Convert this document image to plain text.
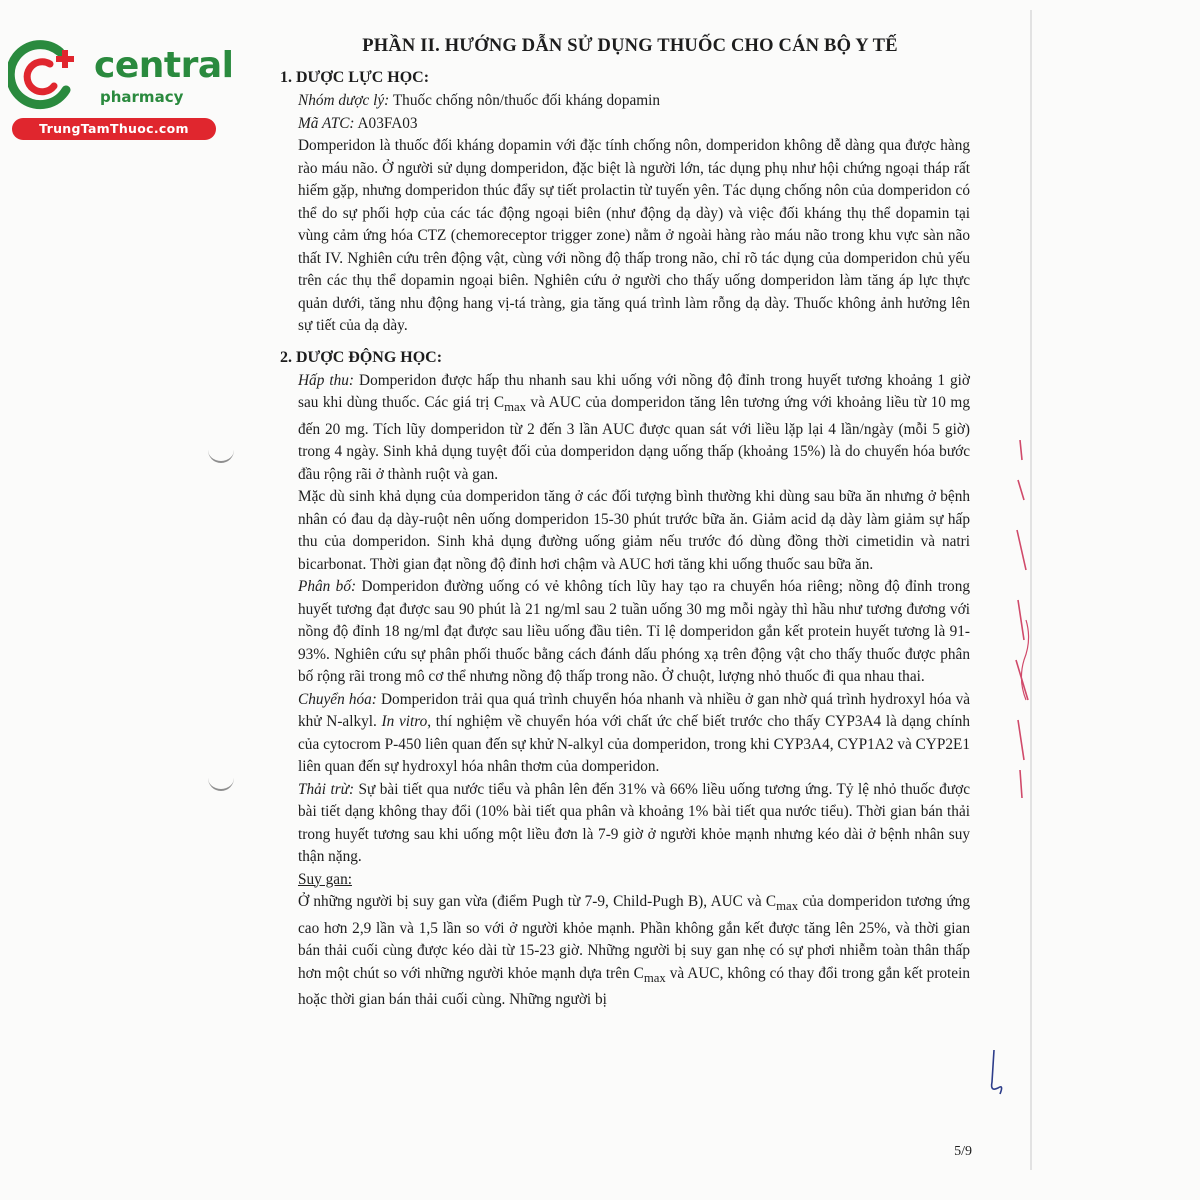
central
pharmacy
TrungTamThuoc.com
PHẦN II. HƯỚNG DẪN SỬ DỤNG THUỐC CHO CÁN BỘ Y TẾ

1. DƯỢC LỰC HỌC:

Nhóm dược lý: Thuốc chống nôn/thuốc đối kháng dopamin

Mã ATC: A03FA03

Domperidon là thuốc đối kháng dopamin với đặc tính chống nôn, domperidon không dễ dàng qua được hàng rào máu não. Ở người sử dụng domperidon, đặc biệt là người lớn, tác dụng phụ như hội chứng ngoại tháp rất hiếm gặp, nhưng domperidon thúc đẩy sự tiết prolactin từ tuyến yên. Tác dụng chống nôn của domperidon có thể do sự phối hợp của các tác động ngoại biên (như động dạ dày) và việc đối kháng thụ thể dopamin tại vùng cảm ứng hóa CTZ (chemoreceptor trigger zone) nằm ở ngoài hàng rào máu não trong khu vực sàn não thất IV. Nghiên cứu trên động vật, cùng với nồng độ thấp trong não, chỉ rõ tác dụng của domperidon chủ yếu trên các thụ thể dopamin ngoại biên. Nghiên cứu ở người cho thấy uống domperidon làm tăng áp lực thực quản dưới, tăng nhu động hang vị-tá tràng, gia tăng quá trình làm rỗng dạ dày. Thuốc không ảnh hưởng lên sự tiết của dạ dày.

2. DƯỢC ĐỘNG HỌC:

Hấp thu: Domperidon được hấp thu nhanh sau khi uống với nồng độ đỉnh trong huyết tương khoảng 1 giờ sau khi dùng thuốc. Các giá trị $C_{max}$ và AUC của domperidon tăng lên tương ứng với khoảng liều từ 10 mg đến 20 mg. Tích lũy domperidon từ 2 đến 3 lần AUC được quan sát với liều lặp lại 4 lần/ngày (mỗi 5 giờ) trong 4 ngày. Sinh khả dụng tuyệt đối của domperidon dạng uống thấp (khoảng 15%) là do chuyển hóa bước đầu rộng rãi ở thành ruột và gan.

Mặc dù sinh khả dụng của domperidon tăng ở các đối tượng bình thường khi dùng sau bữa ăn nhưng ở bệnh nhân có đau dạ dày-ruột nên uống domperidon 15-30 phút trước bữa ăn. Giảm acid dạ dày làm giảm sự hấp thu của domperidon. Sinh khả dụng đường uống giảm nếu trước đó dùng đồng thời cimetidin và natri bicarbonat. Thời gian đạt nồng độ đỉnh hơi chậm và AUC hơi tăng khi uống thuốc sau bữa ăn.

Phân bố: Domperidon đường uống có vẻ không tích lũy hay tạo ra chuyển hóa riêng; nồng độ đỉnh trong huyết tương đạt được sau 90 phút là 21 ng/ml sau 2 tuần uống 30 mg mỗi ngày thì hầu như tương đương với nồng độ đỉnh 18 ng/ml đạt được sau liều uống đầu tiên. Tỉ lệ domperidon gắn kết protein huyết tương là 91-93%. Nghiên cứu sự phân phối thuốc bằng cách đánh dấu phóng xạ trên động vật cho thấy thuốc được phân bố rộng rãi trong mô cơ thể nhưng nồng độ thấp trong não. Ở chuột, lượng nhỏ thuốc đi qua nhau thai.

Chuyển hóa: Domperidon trải qua quá trình chuyển hóa nhanh và nhiều ở gan nhờ quá trình hydroxyl hóa và khử N-alkyl. In vitro, thí nghiệm về chuyển hóa với chất ức chế biết trước cho thấy CYP3A4 là dạng chính của cytocrom P-450 liên quan đến sự khử N-alkyl của domperidon, trong khi CYP3A4, CYP1A2 và CYP2E1 liên quan đến sự hydroxyl hóa nhân thơm của domperidon.

Thải trừ: Sự bài tiết qua nước tiểu và phân lên đến 31% và 66% liều uống tương ứng. Tỷ lệ nhỏ thuốc được bài tiết dạng không thay đổi (10% bài tiết qua phân và khoảng 1% bài tiết qua nước tiểu). Thời gian bán thải trong huyết tương sau khi uống một liều đơn là 7-9 giờ ở người khỏe mạnh nhưng kéo dài ở bệnh nhân suy thận nặng.

Suy gan:

Ở những người bị suy gan vừa (điểm Pugh từ 7-9, Child-Pugh B), AUC và $C_{max}$ của domperidon tương ứng cao hơn 2,9 lần và 1,5 lần so với ở người khỏe mạnh. Phần không gắn kết được tăng lên 25%, và thời gian bán thải cuối cùng được kéo dài từ 15-23 giờ. Những người bị suy gan nhẹ có sự phơi nhiễm toàn thân thấp hơn một chút so với những người khỏe mạnh dựa trên $C_{max}$ và AUC, không có thay đổi trong gắn kết protein hoặc thời gian bán thải cuối cùng. Những người bị

5/9
